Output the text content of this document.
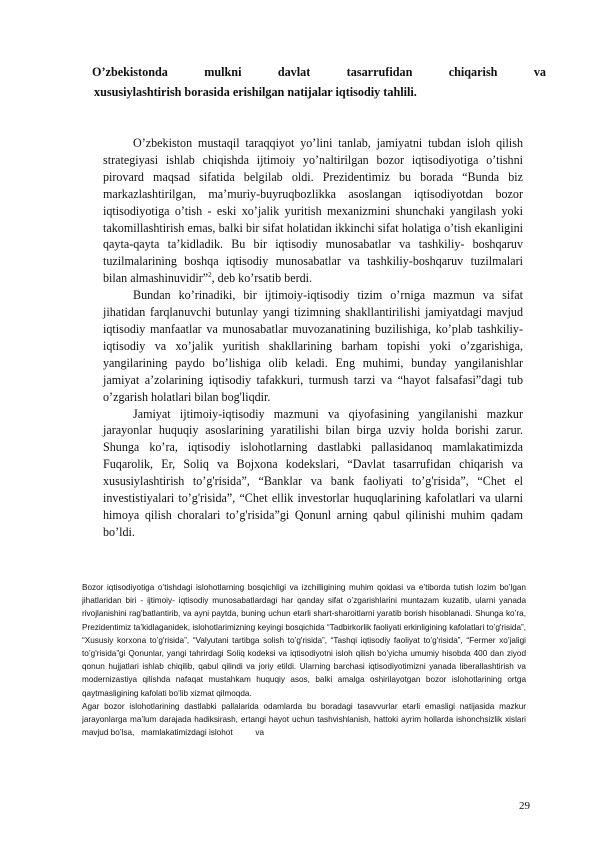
O’zbekistonda	mulkni	davlat	tasarrufidan	chiqarish	va
xususiylashtirish borasida erishilgan natijalar iqtisodiy tahlili.

O’zbekiston mustaqil taraqqiyot yo’lini tanlab, jamiyatni tubdan isloh qilish strategiyasi ishlab chiqishda ijtimoiy yo’naltirilgan bozor iqtisodiyotiga o’tishni pirovard maqsad sifatida belgilab oldi. Prezidentimiz bu borada “Bunda biz markazlashtirilgan, ma’muriy-buyruqbozlikka asoslangan iqtisodiyotdan bozor iqtisodiyotiga o’tish - eski xo’jalik yuritish mexanizmini shunchaki yangilash yoki takomillashtirish emas, balki bir sifat holatidan ikkinchi sifat holatiga o’tish ekanligini qayta-qayta ta’kidladik. Bu bir iqtisodiy munosabatlar va tashkiliy- boshqaruv tuzilmalarining boshqa iqtisodiy munosabatlar va tashkiliy-boshqaruv tuzilmalari bilan almashinuvidir”$^2$, deb ko’rsatib berdi.

Bundan ko’rinadiki, bir ijtimoiy-iqtisodiy tizim o’rniga mazmun va sifat jihatidan farqlanuvchi butunlay yangi tizimning shakllantirilishi jamiyatdagi mavjud iqtisodiy manfaatlar va munosabatlar muvozanatining buzilishiga, ko’plab tashkiliy-iqtisodiy va xo’jalik yuritish shakllarining barham topishi yoki o’zgarishiga, yangilarining paydo bo’lishiga olib keladi. Eng muhimi, bunday yangilanishlar jamiyat a’zolarining iqtisodiy tafakkuri, turmush tarzi va “hayot falsafasi”dagi tub o’zgarish holatlari bilan bog'liqdir.

Jamiyat ijtimoiy-iqtisodiy mazmuni va qiyofasining yangilanishi mazkur jarayonlar huquqiy asoslarining yaratilishi bilan birga uzviy holda borishi zarur. Shunga ko’ra, iqtisodiy islohotlarning dastlabki pallasidanoq mamlakatimizda Fuqarolik, Er, Soliq va Bojxona kodekslari, “Davlat tasarrufidan chiqarish va xususiylashtirish to’g'risida”, “Banklar va bank faoliyati to’g'risida”, “Chet el investistiyalari to’g'risida”, “Chet ellik investorlar huquqlarining kafolatlari va ularni himoya qilish choralari to’g'risida”gi Qonunl arning qabul qilinishi muhim qadam bo’ldi.

Bozor iqtisodiyotiga o’tishdagi islohotlarning bosqichligi va izchilligining muhim qoidasi va e’tiborda tutish lozim bo’lgan jihatlaridan biri - ijtimoiy- iqtisodiy munosabatlardagi har qanday sifat o’zgarishlarini muntazam kuzatib, ularni yanada rivojlanishini rag'batlantirib, va ayni paytda, buning uchun etarli shart-sharoitlarni yaratib borish hisoblanadi. Shunga ko’ra, Prezidentimiz ta’kidlaganidek, islohotlarimizning keyingi bosqichida “Tadbirkorlik faoliyati erkinligining kafolatlari to’g'risida”, “Xususiy korxona to’g'risida”, “Valyutani tartibga solish to’g'risida”, “Tashqi iqtisodiy faoliyat to’g'risida”, “Fermer xo’jaligi to’g'risida”gi Qonunlar, yangi tahrirdagi Soliq kodeksi va iqtisodiyotni isloh qilish bo’yicha umumiy hisobda 400 dan ziyod qonun hujjatlari ishlab chiqilib, qabul qilindi va joriy etildi. Ularning barchasi iqtisodiyotimizni yanada liberallashtirish va modernizastiya qilishda nafaqat mustahkam huquqiy asos, balki amalga oshirilayotgan bozor islohotlarining ortga qaytmasligining kafolati bo’lib xizmat qilmoqda.

Agar bozor islohotlarining dastlabki pallalarida odamlarda bu boradagi tasavvurlar etarli emasligi natijasida mazkur jarayonlarga ma’lum darajada hadiksirash, ertangi hayot uchun tashvishlanish, hattoki ayrim hollarda ishonchsizlik xislari          mavjud bo’lsa,   mamlakatimizdagi islohot          va

29
